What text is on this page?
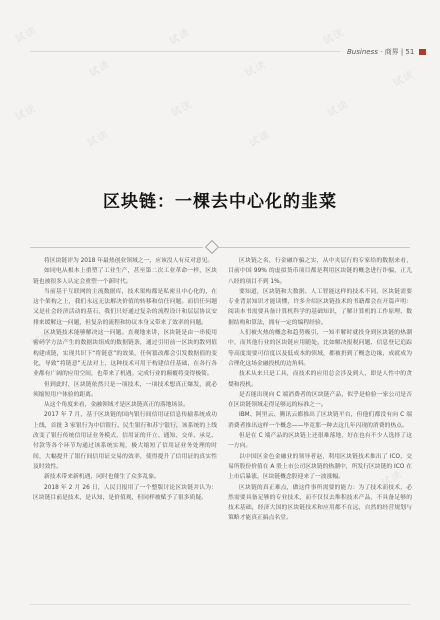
试读
试读
试读
试读
试读
试读
试读
试读
试读
试读
试读
试读
试读
试读
试读
Business · 商界 | 51
区块链：一棵去中心化的韭菜

将区块链评为 2018 年最热创业领域之一，应该没人有反对意见。

如同电从根本上重塑了工业生产，甚至第二次工业革命一样，区块链也被很多人认定会重塑一个新时代。

当前基于互联网的主流数据库，技术架构都是私密且中心化的，在这个架构之上，我们永远无法解决价值的转移和信任问题。而信任问题又是社会经济活动的基石，我们只好通过复杂的流程设计和层层协议安排来缓解这一问题，但复杂的流程和协议本身又带来了效率的问题。

区块链技术能够解决这一问题。直观地来讲，区块链是由一串使用密码学方法产生的数据块组成的数据链条，通过引用前一区块的散列值构建成链，实现共识下“将链意”的效果，任何篡改都会引发数据值的变化，导致“将链意”无法对上，这种技术可用于构建信任基础，在各行各业都有广阔的应用空间，也带来了机遇。完成行业的颠覆将变得极简。

但到此时，区块链依然只是一项技术，一项技术想真正爆发，就必须缩短用户体验的距离。

从这个角度来看，金融领域才是区块链真正的落地场景。

2017 年 7 月，基于区块链的国内银行间信用证信息传输系统成功上线，首批 3 家银行为中信银行、民生银行和苏宁银行，该系统的上线改变了银行传统信用证业务模式，信用证的开立、通知、交单、承兑、付款等各个环节均通过该系统实现，极大缩短了信用证业务处理的时间，大幅提升了银行间信用证交易的效率，使得提升了信用证的真实性及时效性。

新技术带来新机遇，同时也催生了众多乱象。

2018 年 2 月 26 日，人民日报用了一个整版讨论区块链并认为：区块链目前是技术，是认知，是价值观，但同样被赋予了很多质疑。

区块链之名，行金融诈骗之实，从中夹层行的专家给的数据来看，目前中国 99% 的虚拟货币项目都是利用区块链的概念进行诈骗，正儿八经的项目不到 1%。

要知道，区块链和大数据、人工智能这样的技术不同，区块链需要专业背景知识才能读懂，许多介绍区块链技术的书籍都会在开篇声明：阅读本书需要具备计算机科学的基础知识，了解计算机的工作原理、数据结构和算法，拥有一定的编程经验。

人们被火热的概念和趋势吸引，一知半解时就投身到区块链的热潮中，而其他行业的区块链应用随处，比如解决报税问题、信息登记追踪等高度需要可信度以及低成本的领域，都被扔到了概念边缘，成就成为合理化这场金融投机的边角料。

技术从来只是工具，而技术的应用总会涉及到人，即是人性中的贪婪和投机。

是否能出现向 C 端消费者的区块链产品，似乎是检验一家公司是否在区块链领域走得足够远的标准之一。

IBM、阿里云、腾讯云都推出了区块链平台，但他们都没有向 C 端消费者推出这样一个概念——毕竟那一种去这几年闪现的消费的热点。

但是在 C 端产品的区块链上还很难落地，好在也有不少人选择了这一方向。

以中国区金色金融业的领导者赵，利用区块链技术推出了 ICO，交易所股份价值在 A 股上市公司区块链的热潮中，所发行区块链的 ICO 在上市后暴涨，区块链概念股迎来了一波涨幅。

区块链的真正难点，做这件事所需要的能力：为了技术而技术，必然需要具备足够的专业技术，而不仅仅去堆积技术产品，不具备足够的技术基础，经济大国的区块链技术和应用都不在远，自然的经营规划与策略才能真正搞点名堂。
